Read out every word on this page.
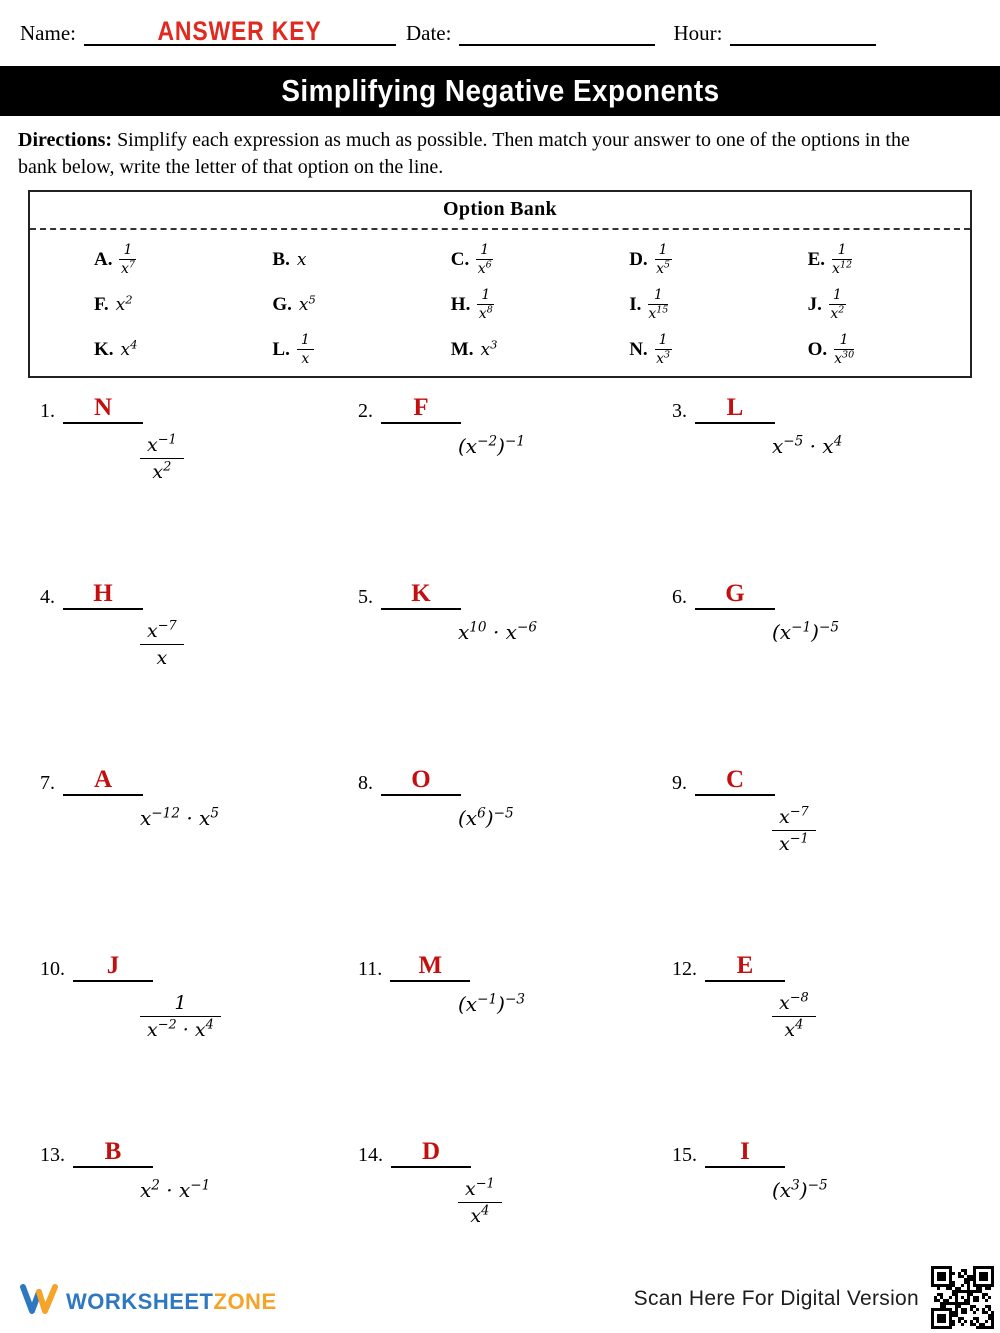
Name:	ANSWER KEY	Date:	Hour:
Simplifying Negative Exponents

Directions: Simplify each expression as much as possible. Then match your answer to one of the options in the bank below, write the letter of that option on the line.

Option Bank
A. $\frac{1}{x^7}$	B. x	C. $\frac{1}{x^6}$	D. $\frac{1}{x^5}$	E. $\frac{1}{x^{12}}$
F. $x^2$	G. $x^5$	H. $\frac{1}{x^8}$	I. $\frac{1}{x^{15}}$	J. $\frac{1}{x^2}$
K. $x^4$	L. $\frac{1}{x}$	M. $x^3$	N. $\frac{1}{x^3}$	O. $\frac{1}{x^{30}}$
1.	N
$\frac{x^{-1}}{x^2}$
2.	F
$(x^{-2})^{-1}$
3.	L
$x^{-5} \cdot x^4$
4.	H
$\frac{x^{-7}}{x}$
5.	K
$x^{10} \cdot x^{-6}$
6.	G
$(x^{-1})^{-5}$
7.	A
$x^{-12} \cdot x^5$
8.	O
$(x^6)^{-5}$
9.	C
$\frac{x^{-7}}{x^{-1}}$
10.	J
$\frac{1}{x^{-2} \cdot x^4}$
11.	M
$(x^{-1})^{-3}$
12.	E
$\frac{x^{-8}}{x^4}$
13.	B
$x^2 \cdot x^{-1}$
14.	D
$\frac{x^{-1}}{x^4}$
15.	I
$(x^3)^{-5}$
WORKSHEET ZONE	Scan Here For Digital Version
